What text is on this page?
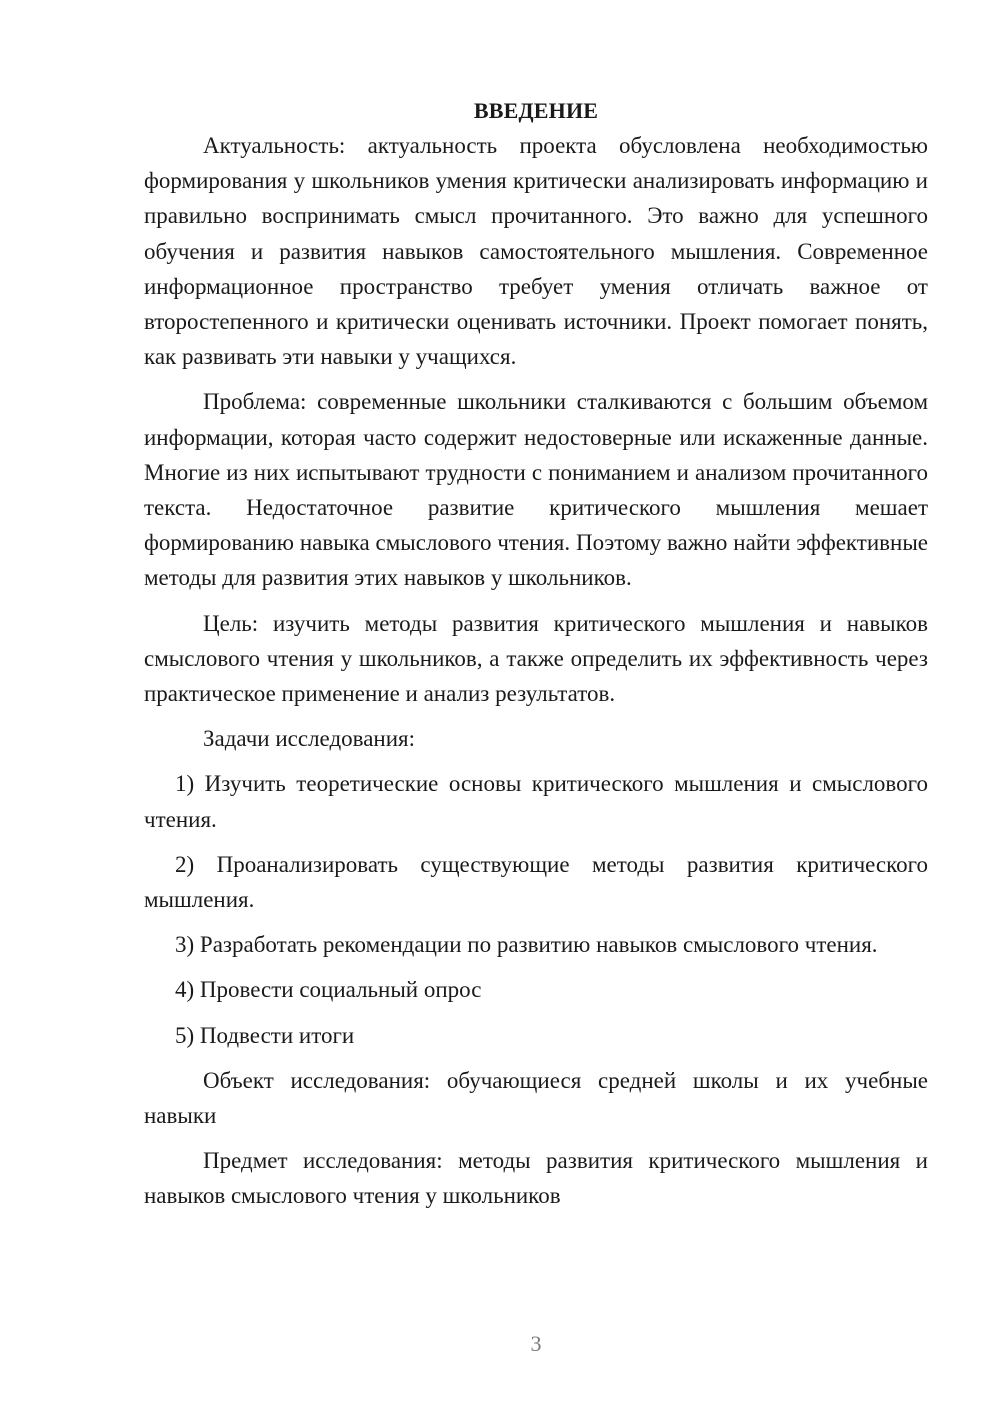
ВВЕДЕНИЕ

Актуальность: актуальность проекта обусловлена необходимостью формирования у школьников умения критически анализировать информацию и правильно воспринимать смысл прочитанного. Это важно для успешного обучения и развития навыков самостоятельного мышления. Современное информационное пространство требует умения отличать важное от второстепенного и критически оценивать источники. Проект помогает понять, как развивать эти навыки у учащихся.

Проблема: современные школьники сталкиваются с большим объемом информации, которая часто содержит недостоверные или искаженные данные. Многие из них испытывают трудности с пониманием и анализом прочитанного текста. Недостаточное развитие критического мышления мешает формированию навыка смыслового чтения. Поэтому важно найти эффективные методы для развития этих навыков у школьников.

Цель: изучить методы развития критического мышления и навыков смыслового чтения у школьников, а также определить их эффективность через практическое применение и анализ результатов.

Задачи исследования:

1) Изучить теоретические основы критического мышления и смыслового чтения.

2) Проанализировать существующие методы развития критического мышления.

3) Разработать рекомендации по развитию навыков смыслового чтения.

4) Провести социальный опрос

5) Подвести итоги

Объект исследования: обучающиеся средней школы и их учебные навыки

Предмет исследования: методы развития критического мышления и навыков смыслового чтения у школьников

3
